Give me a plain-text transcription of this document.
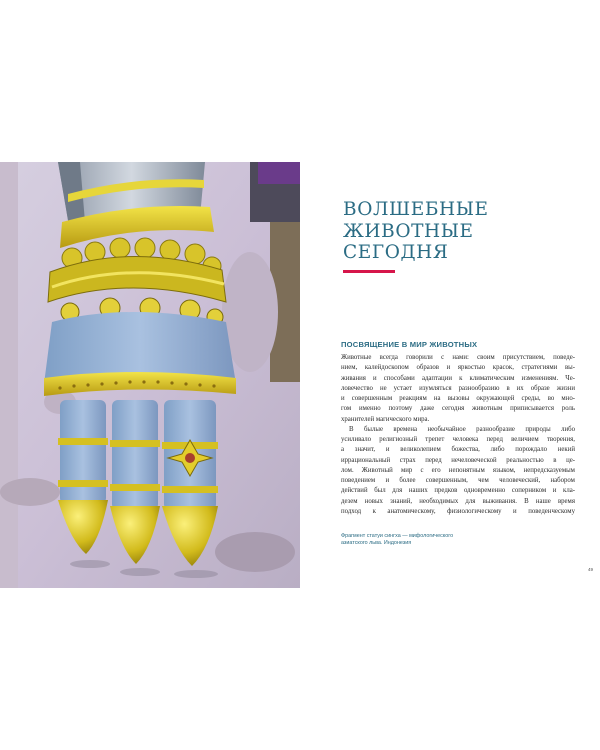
ВОЛШЕБНЫЕ
ЖИВОТНЫЕ
СЕГОДНЯ
ПОСВЯЩЕНИЕ В МИР ЖИВОТНЫХ
Животные всегда говорили с нами: своим присутствием, поведе-
нием, калейдоскопом образов и яркостью красок, стратегиями вы-
живания и способами адаптации к климатическим изменениям. Че-
ловечество не устает изумляться разнообразию в их образе жизни
и совершенным реакциям на вызовы окружающей среды, во мно-
гом именно поэтому даже сегодня животным приписывается роль
хранителей магического мира.
В былые времена необычайное разнообразие природы либо
усиливало религиозный трепет человека перед величием творения,
а значит, и великолепием божества, либо порождало некий
иррациональный страх перед нечеловеческой реальностью в це-
лом. Животный мир с его непонятным языком, непредсказуемым
поведением и более совершенным, чем человеческий, набором
действий был для наших предков одновременно соперником и кла-
дезем новых знаний, необходимых для выживания. В наше время
подход к анатомическому, физиологическому и поведенческому
Фрагмент статуи сингха — мифологического азиатского льва. Индонезия
49
